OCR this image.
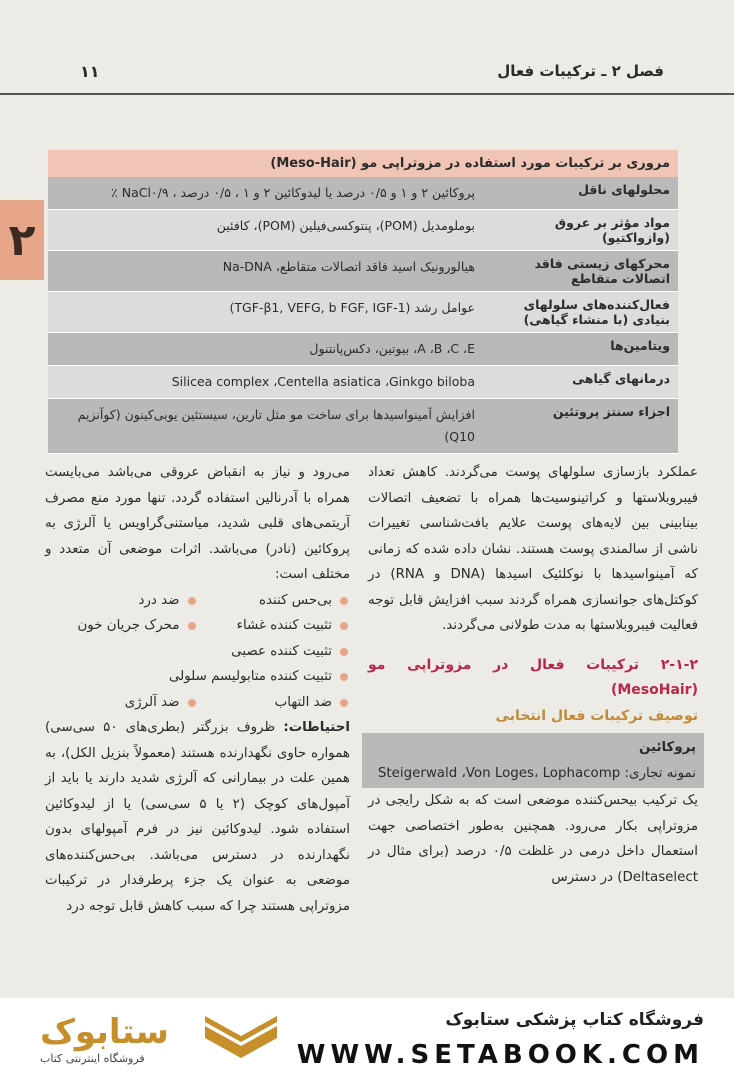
فصل ۲ ـ ترکیبات فعال
۱۱
۲
مروری بر ترکیبات مورد استفاده در مزوتراپی مو (Meso-Hair)
محلولهای ناقل
پروکائین ۲ و ۱ و ۰/۵ درصد یا لیدوکائین ۲ و ۱ ، ۰/۵ درصد ، NaCl۰/۹ ٪
مواد مؤثر بر عروق (وازواکتیو)
بوملومدیل (POM)، پنتوکسی‌فیلین (POM)، کافئین
محرکهای زیستی فاقد اتصالات متقاطع
هیالورونیک اسید فاقد اتصالات متقاطع، Na-DNA
فعال‌کننده‌های سلولهای بنیادی (با منشاء گیاهی)
عوامل رشد (TGF-β1, VEFG, b FGF, IGF-1)
ویتامین‌ها
A ،B ،C ،E، بیوتین، دکس‌پانتنول
درمانهای گیاهی
Silicea complex ،Centella asiatica ،Ginkgo biloba
اجزاء سنتز پروتئین
افزایش آمینواسیدها برای ساخت مو مثل تارین، سیستئین یوبی‌کینون (کوآنزیم Q10)
عملکرد بازسازی سلولهای پوست می‌گردند. کاهش تعداد فیبروبلاستها و کراتینوسیت‌ها همراه با تضعیف اتصالات بینابینی بین لایه‌های پوست علایم بافت‌شناسی تغییرات ناشی از سالمندی پوست هستند. نشان داده شده که زمانی که آمینواسیدها با نوکلئیک اسیدها (DNA و RNA) در کوکتل‌های جوانسازی همراه گردند سبب افزایش قابل توجه فعالیت فیبروبلاستها به مدت طولانی می‌گردند.
۲-۱-۲ ترکیبات فعال در مزوتراپی مو (MesoHair)
توصیف ترکیبات فعال انتخابی
پروکائین
نمونه تجاری: Steigerwald ،Von Loges، Lophacomp
یک ترکیب بیحس‌کننده موضعی است که به شکل رایجی در مزوتراپی بکار می‌رود. همچنین به‌طور اختصاصی جهت استعمال داخل درمی در غلظت ۰/۵ درصد (برای مثال در Deltaselect) در دسترس
می‌رود و نیاز به انقباض عروقی می‌باشد می‌بایست همراه با آدرنالین استفاده گردد. تنها مورد منع مصرف آریتمی‌های قلبی شدید، میاستنی‌گراویس یا آلرژی به پروکائین (نادر) می‌باشد. اثرات موضعی آن متعدد و مختلف است:
بی‌حس کننده
ضد درد
تثبیت کننده غشاء
محرک جریان خون
تثبیت کننده عصبی
تثبیت کننده متابولیسم سلولی
ضد التهاب
ضد آلرژی
احتیاطات: ظروف بزرگتر (بطری‌های ۵۰ سی‌سی) همواره حاوی نگهدارنده هستند (معمولاً بنزیل الکل)، به همین علت در بیمارانی که آلرژی شدید دارند یا باید از آمپول‌های کوچک (۲ یا ۵ سی‌سی) یا از لیدوکائین استفاده شود. لیدوکائین نیز در فرم آمپولهای بدون نگهدارنده در دسترس می‌باشد. بی‌حس‌کننده‌های موضعی به عنوان یک جزء پرطرفدار در ترکیبات مزوتراپی هستند چرا که سبب کاهش قابل توجه درد
فروشگاه کتاب پزشکی ستابوک
WWW.SETABOOK.COM
ستابوک
فروشگاه اینترنتی کتاب
